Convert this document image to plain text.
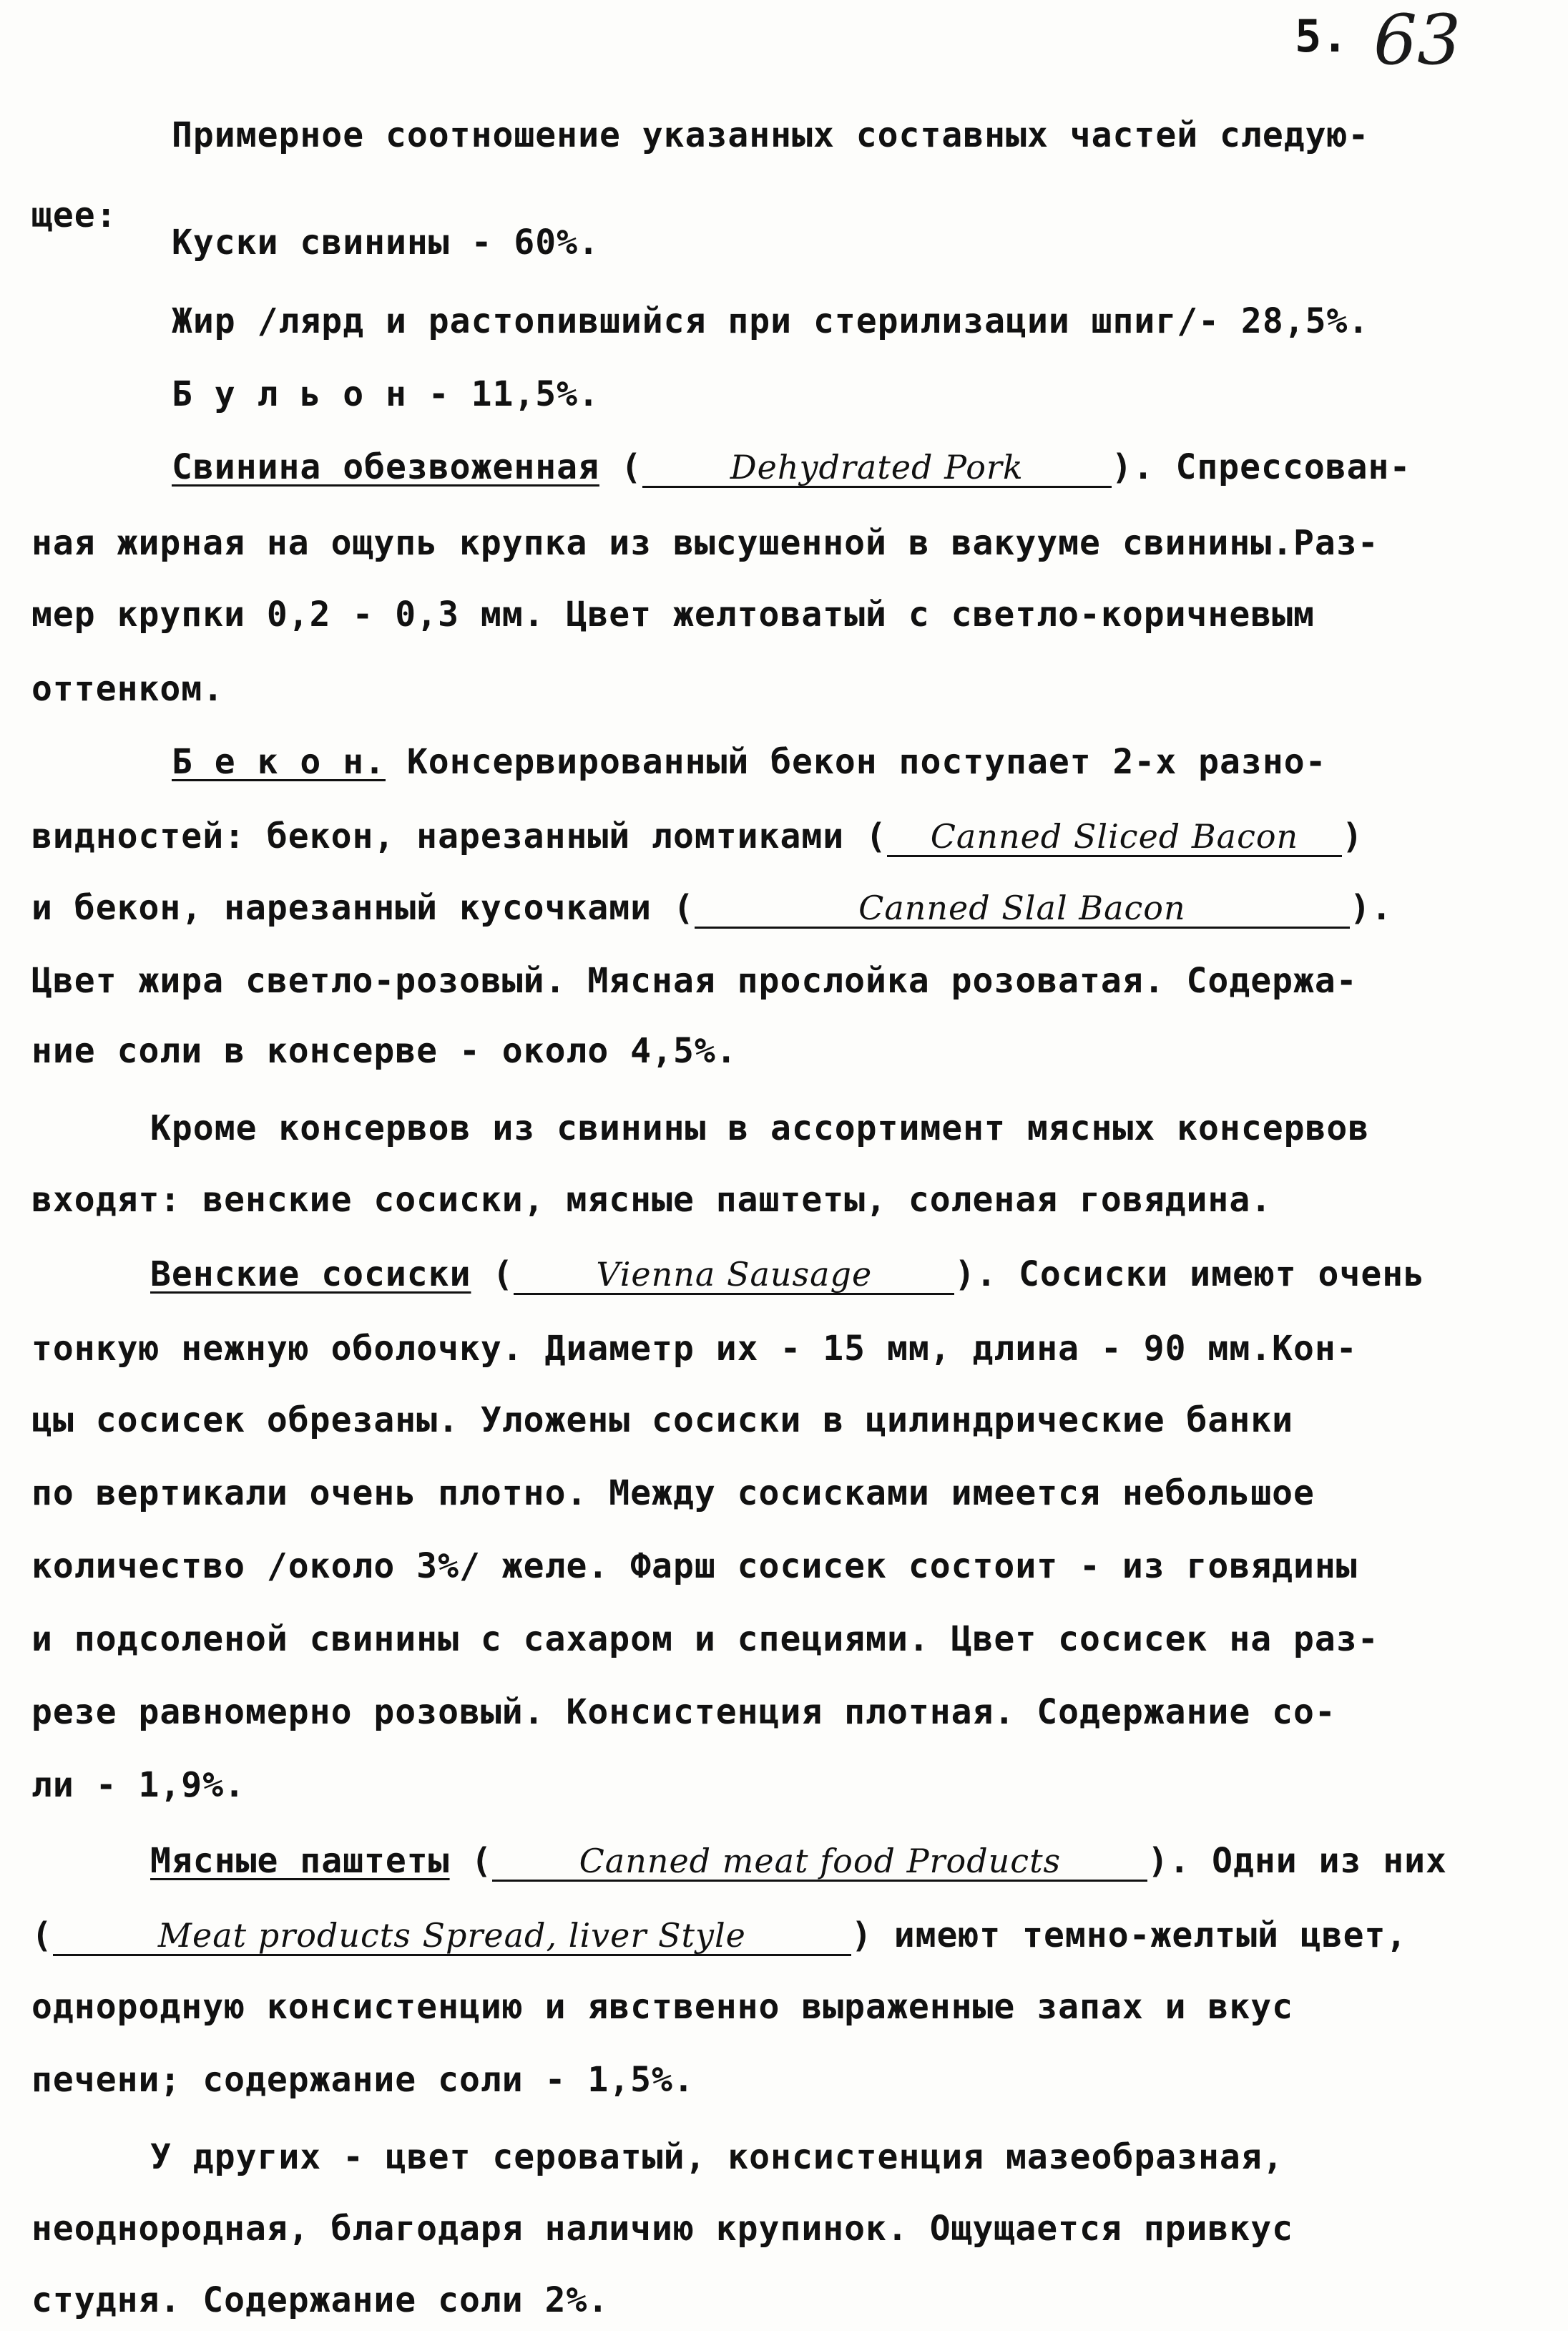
5. 63
Примерное соотношение указанных составных частей следую-
щее:
Куски свинины - 60%.
Жир /лярд и растопившийся при стерилизации шпиг/- 28,5%.
Б у л ь о н - 11,5%.
Свинина обезвоженная (	Dehydrated Pork	). Спрессован-
ная жирная на ощупь крупка из высушенной в вакууме свинины.Раз-
мер крупки 0,2 - 0,3 мм. Цвет желтоватый с светло-коричневым
оттенком.
Б е к о н. Консервированный бекон поступает 2-х разно-
видностей: бекон, нарезанный ломтиками ( Canned Sliced Bacon )
и бекон, нарезанный кусочками (	Canned Slal Bacon	).
Цвет жира светло-розовый. Мясная прослойка розоватая. Содержа-
ние соли в консерве - около 4,5%.
Кроме консервов из свинины в ассортимент мясных консервов
входят: венские сосиски, мясные паштеты, соленая говядина.
Венские сосиски (	Vienna Sausage ). Сосиски имеют очень
тонкую нежную оболочку. Диаметр их - 15 мм, длина - 90 мм.Кон-
цы сосисек обрезаны. Уложены сосиски в цилиндрические банки
по вертикали очень плотно. Между сосисками имеется небольшое
количество /около 3%/ желе. Фарш сосисек состоит - из говядины
и подсоленой свинины с сахаром и специями. Цвет сосисек на раз-
резе равномерно розовый. Консистенция плотная. Содержание со-
ли - 1,9%.
Мясные паштеты (	Canned meat food Products	). Одни из них
(	Meat products Spread, liver Style	) имеют темно-желтый цвет,
однородную консистенцию и явственно выраженные запах и вкус
печени; содержание соли - 1,5%.
У других - цвет сероватый, консистенция мазеобразная,
неоднородная, благодаря наличию крупинок. Ощущается привкус
студня. Содержание соли 2%.
